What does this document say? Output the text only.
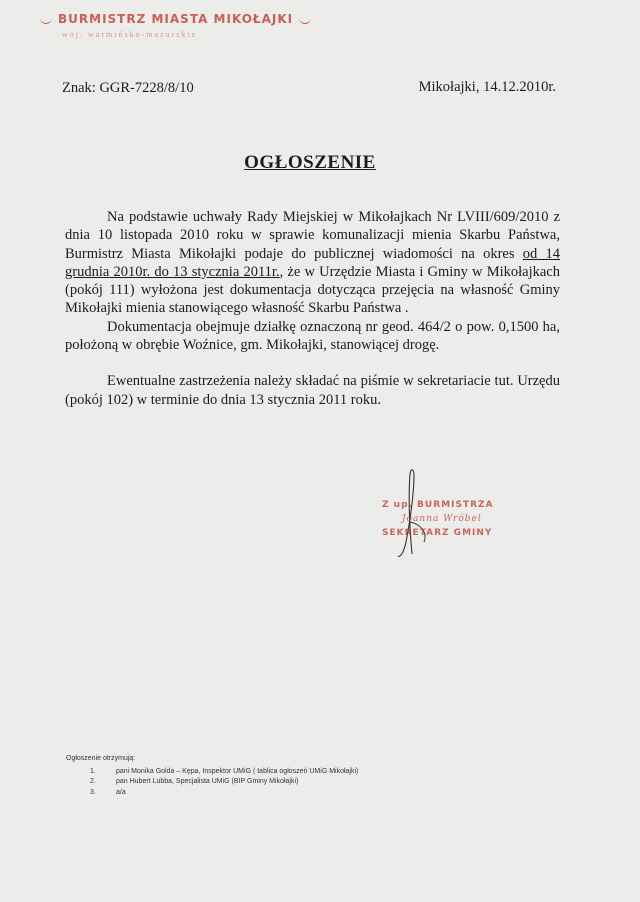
BURMISTRZ MIASTA MIKOŁAJKI
woj. warmińsko-mazurskie
Znak: GGR-7228/8/10	Mikołajki, 14.12.2010r.
OGŁOSZENIE

Na podstawie uchwały Rady Miejskiej w Mikołajkach Nr LVIII/609/2010 z dnia 10 listopada 2010 roku w sprawie komunalizacji mienia Skarbu Państwa, Burmistrz Miasta Mikołajki podaje do publicznej wiadomości na okres od 14 grudnia 2010r. do 13 stycznia 2011r., że w Urzędzie Miasta i Gminy w Mikołajkach (pokój 111) wyłożona jest dokumentacja dotycząca przejęcia na własność Gminy Mikołajki mienia stanowiącego własność Skarbu Państwa .

Dokumentacja obejmuje działkę oznaczoną nr geod. 464/2 o pow. 0,1500 ha, położoną w obrębie Woźnice, gm. Mikołajki, stanowiącej drogę.

Ewentualne zastrzeżenia należy składać na piśmie w sekretariacie tut. Urzędu (pokój 102) w terminie do dnia 13 stycznia 2011 roku.

Z up. BURMISTRZA
Joanna Wróbel
SEKRETARZ GMINY
Ogłoszenie otrzymują:
1.	pani Monika Golda – Kępa, Inspektor UMiG ( tablica ogłoszeń UMiG Mikołajki)
2.	pan Hubert Lubba, Specjalista UMiG (BIP Gminy Mikołajki)
3.	a/a
